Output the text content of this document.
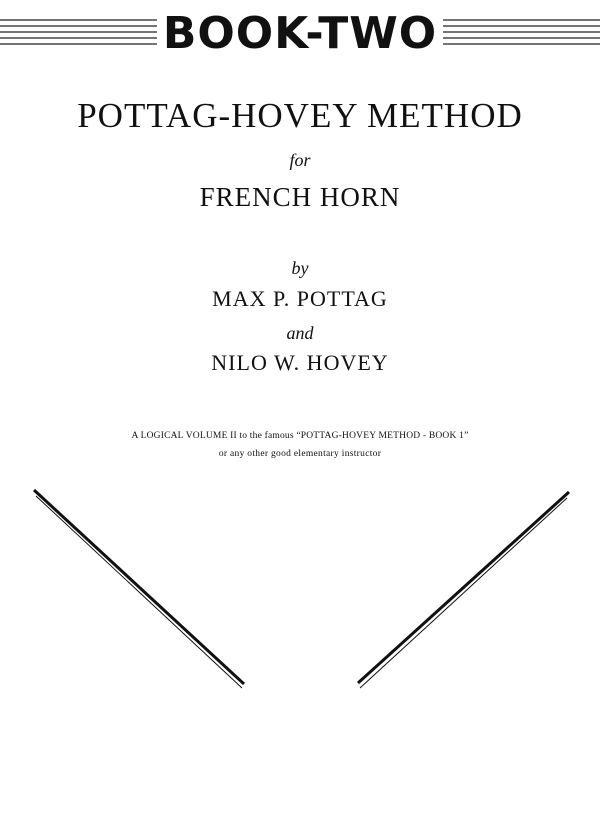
BOOK-TWO
POTTAG-HOVEY METHOD
for
FRENCH HORN
by
MAX P. POTTAG
and
NILO W. HOVEY
A LOGICAL VOLUME II to the famous “POTTAG-HOVEY METHOD - BOOK 1”
or any other good elementary instructor
